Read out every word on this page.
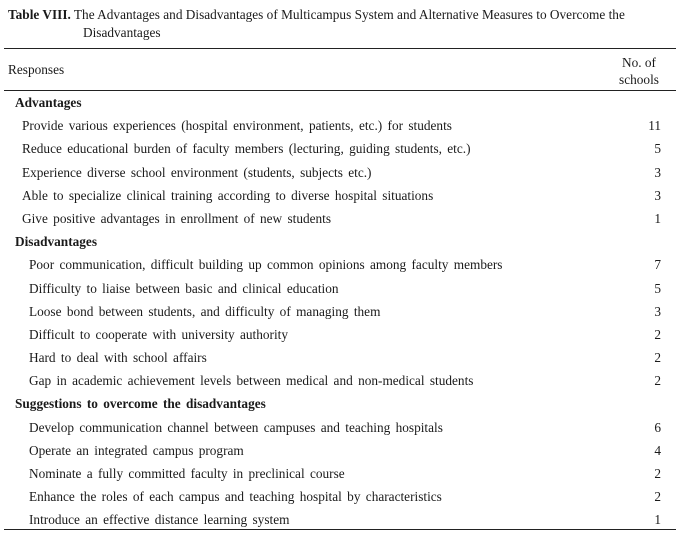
Table VIII. The Advantages and Disadvantages of Multicampus System and Alternative Measures to Overcome the
Disadvantages
Responses	No. of
schools
Advantages
Provide various experiences (hospital environment, patients, etc.) for students	11
Reduce educational burden of faculty members (lecturing, guiding students, etc.)	5
Experience diverse school environment (students, subjects etc.)	3
Able to specialize clinical training according to diverse hospital situations	3
Give positive advantages in enrollment of new students	1
Disadvantages
Poor communication, difficult building up common opinions among faculty members	7
Difficulty to liaise between basic and clinical education	5
Loose bond between students, and difficulty of managing them	3
Difficult to cooperate with university authority	2
Hard to deal with school affairs	2
Gap in academic achievement levels between medical and non-medical students	2
Suggestions to overcome the disadvantages
Develop communication channel between campuses and teaching hospitals	6
Operate an integrated campus program	4
Nominate a fully committed faculty in preclinical course	2
Enhance the roles of each campus and teaching hospital by characteristics	2
Introduce an effective distance learning system	1
